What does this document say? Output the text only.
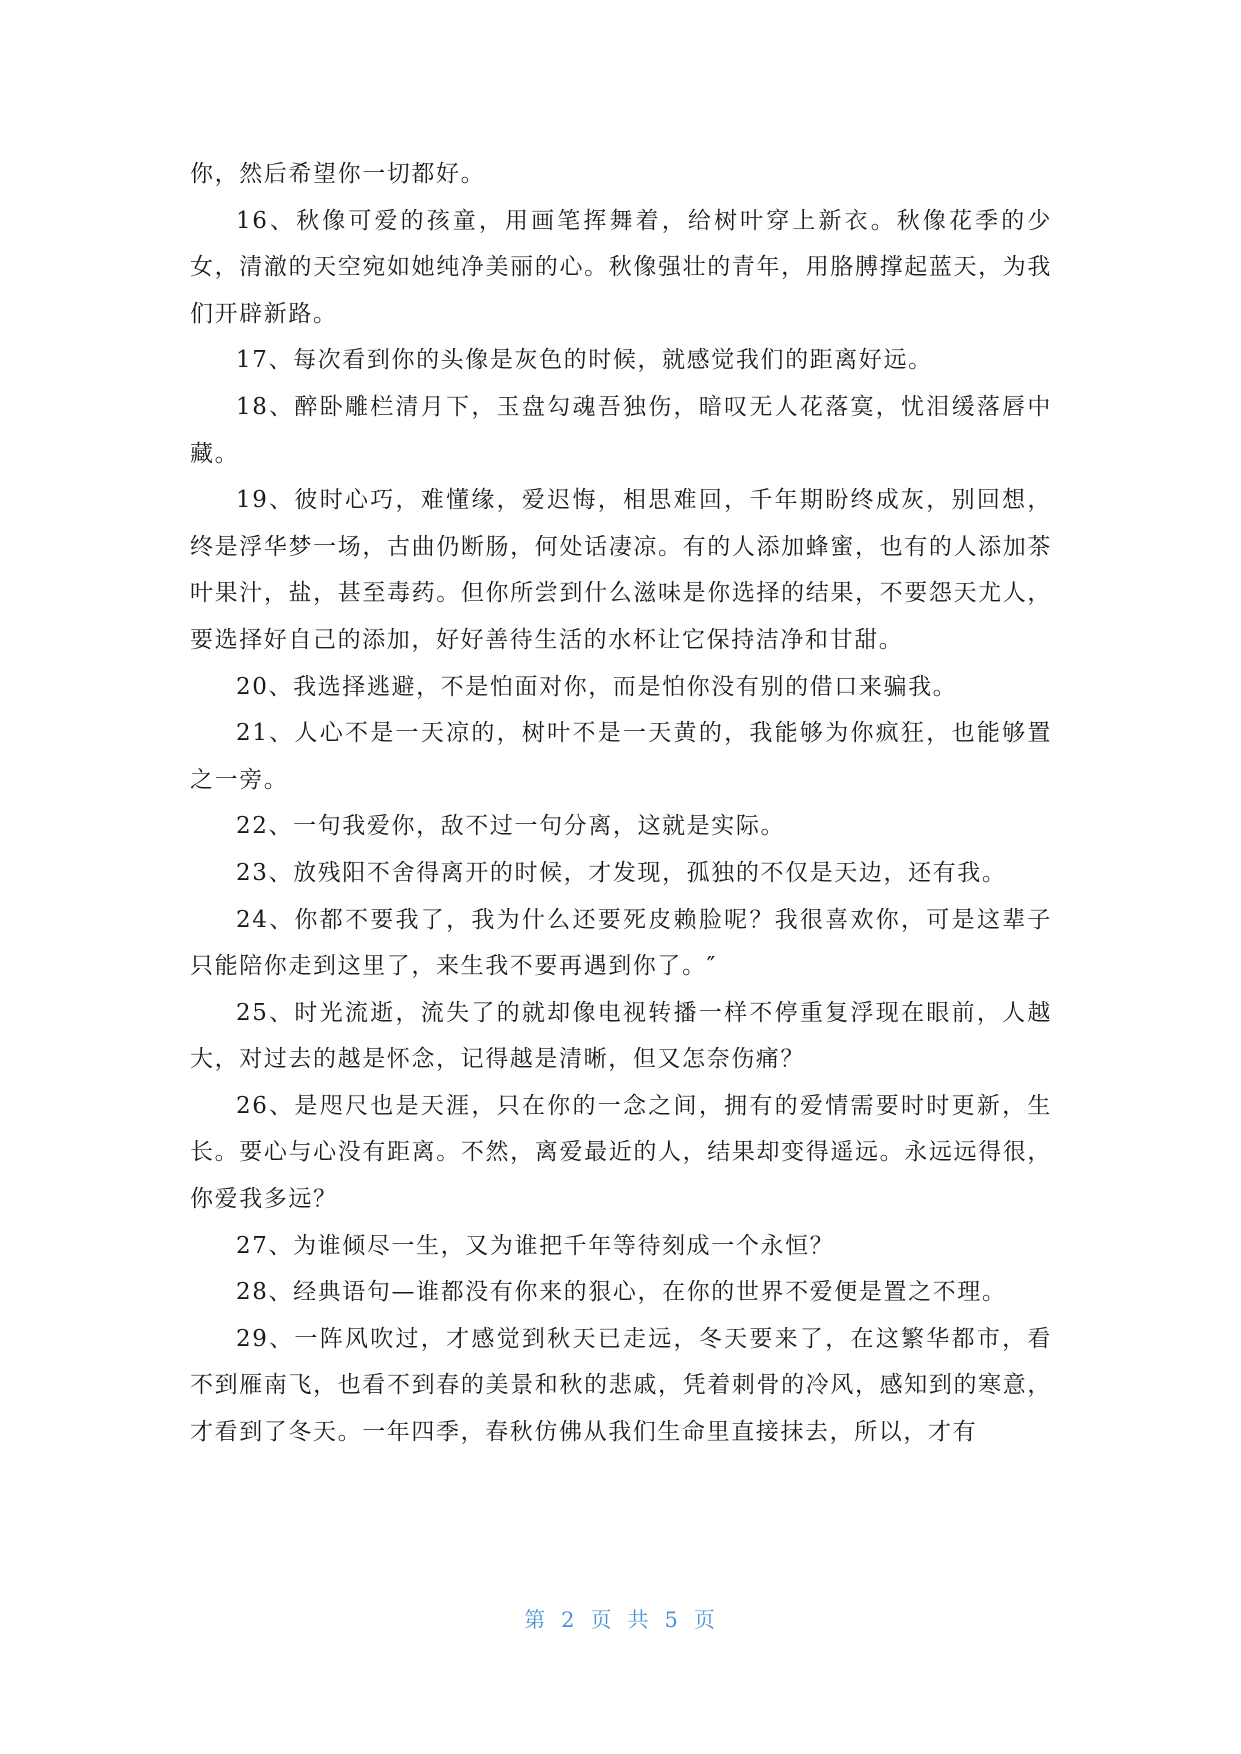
你，然后希望你一切都好。

16、秋像可爱的孩童，用画笔挥舞着，给树叶穿上新衣。秋像花季的少女，清澈的天空宛如她纯净美丽的心。秋像强壮的青年，用胳膊撑起蓝天，为我们开辟新路。

17、每次看到你的头像是灰色的时候，就感觉我们的距离好远。

18、醉卧雕栏清月下，玉盘勾魂吾独伤，暗叹无人花落寞，忧泪缓落唇中藏。

19、彼时心巧，难懂缘，爱迟悔，相思难回，千年期盼终成灰，别回想，终是浮华梦一场，古曲仍断肠，何处话凄凉。有的人添加蜂蜜，也有的人添加茶叶果汁，盐，甚至毒药。但你所尝到什么滋味是你选择的结果，不要怨天尤人，要选择好自己的添加，好好善待生活的水杯让它保持洁净和甘甜。

20、我选择逃避，不是怕面对你，而是怕你没有别的借口来骗我。

21、人心不是一天凉的，树叶不是一天黄的，我能够为你疯狂，也能够置之一旁。

22、一句我爱你，敌不过一句分离，这就是实际。

23、放残阳不舍得离开的时候，才发现，孤独的不仅是天边，还有我。

24、你都不要我了，我为什么还要死皮赖脸呢？我很喜欢你，可是这辈子只能陪你走到这里了，来生我不要再遇到你了。″

25、时光流逝，流失了的就却像电视转播一样不停重复浮现在眼前，人越大，对过去的越是怀念，记得越是清晰，但又怎奈伤痛？

26、是咫尺也是天涯，只在你的一念之间，拥有的爱情需要时时更新，生长。要心与心没有距离。不然，离爱最近的人，结果却变得遥远。永远远得很，你爱我多远？

27、为谁倾尽一生，又为谁把千年等待刻成一个永恒？

28、经典语句—谁都没有你来的狠心，在你的世界不爱便是置之不理。

29、一阵风吹过，才感觉到秋天已走远，冬天要来了，在这繁华都市，看不到雁南飞，也看不到春的美景和秋的悲戚，凭着刺骨的冷风，感知到的寒意，才看到了冬天。一年四季，春秋仿佛从我们生命里直接抹去，所以，才有

第 2 页 共 5 页
